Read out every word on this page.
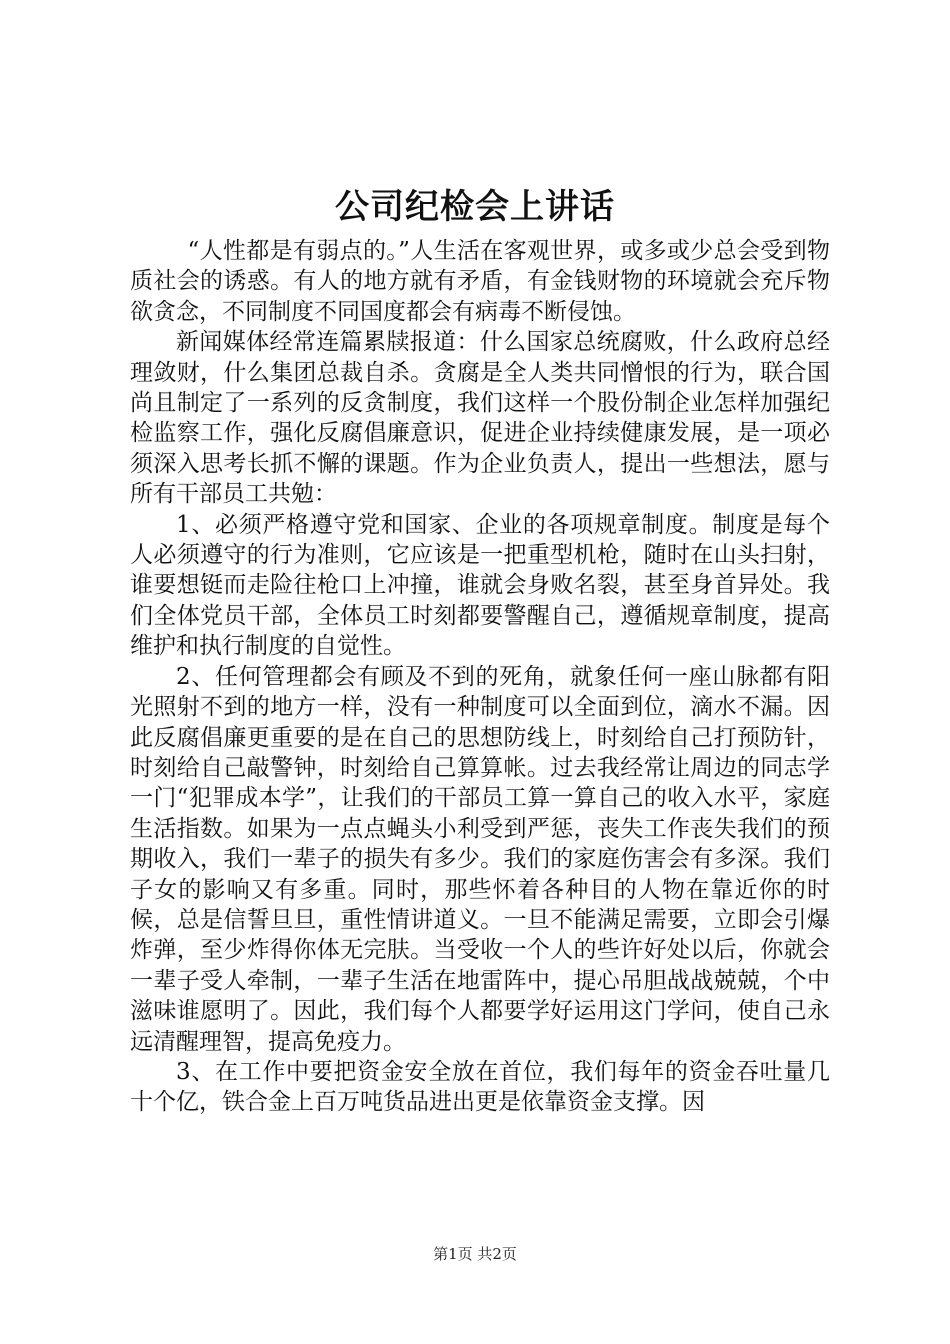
公司纪检会上讲话

“人性都是有弱点的。”人生活在客观世界，或多或少总会受到物质社会的诱惑。有人的地方就有矛盾，有金钱财物的环境就会充斥物欲贪念，不同制度不同国度都会有病毒不断侵蚀。

新闻媒体经常连篇累牍报道：什么国家总统腐败，什么政府总经理敛财，什么集团总裁自杀。贪腐是全人类共同憎恨的行为，联合国尚且制定了一系列的反贪制度，我们这样一个股份制企业怎样加强纪检监察工作，强化反腐倡廉意识，促进企业持续健康发展，是一项必须深入思考长抓不懈的课题。作为企业负责人，提出一些想法，愿与所有干部员工共勉：

1、必须严格遵守党和国家、企业的各项规章制度。制度是每个人必须遵守的行为准则，它应该是一把重型机枪，随时在山头扫射，谁要想铤而走险往枪口上冲撞，谁就会身败名裂，甚至身首异处。我们全体党员干部，全体员工时刻都要警醒自己，遵循规章制度，提高维护和执行制度的自觉性。

2、任何管理都会有顾及不到的死角，就象任何一座山脉都有阳光照射不到的地方一样，没有一种制度可以全面到位，滴水不漏。因此反腐倡廉更重要的是在自己的思想防线上，时刻给自己打预防针，时刻给自己敲警钟，时刻给自己算算帐。过去我经常让周边的同志学一门“犯罪成本学”，让我们的干部员工算一算自己的收入水平，家庭生活指数。如果为一点点蝇头小利受到严惩，丧失工作丧失我们的预期收入，我们一辈子的损失有多少。我们的家庭伤害会有多深。我们子女的影响又有多重。同时，那些怀着各种目的人物在靠近你的时候，总是信誓旦旦，重性情讲道义。一旦不能满足需要，立即会引爆炸弹，至少炸得你体无完肤。当受收一个人的些许好处以后，你就会一辈子受人牵制，一辈子生活在地雷阵中，提心吊胆战战兢兢，个中滋味谁愿明了。因此，我们每个人都要学好运用这门学问，使自己永远清醒理智，提高免疫力。

3、在工作中要把资金安全放在首位，我们每年的资金吞吐量几十个亿，铁合金上百万吨货品进出更是依靠资金支撑。因

第1页 共2页
